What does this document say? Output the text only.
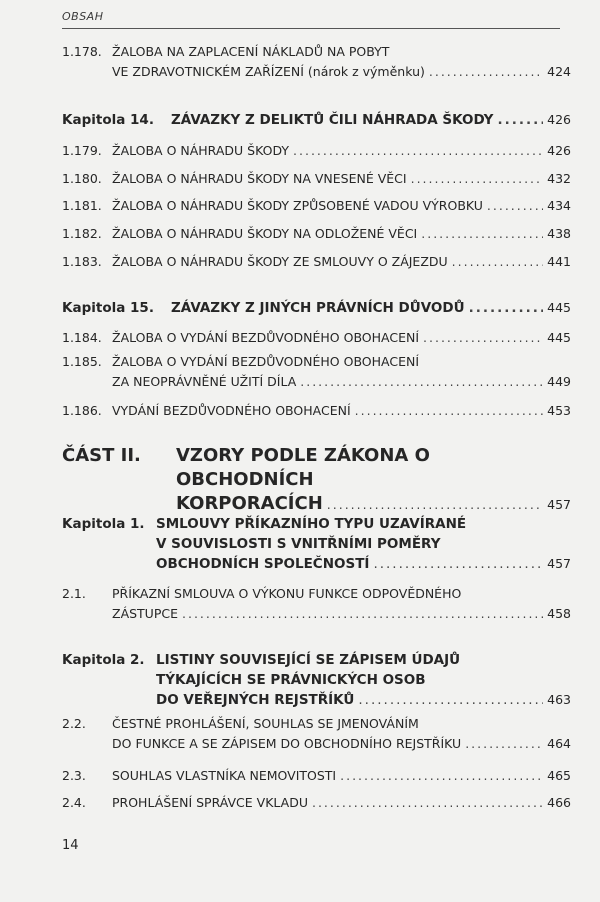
OBSAH
1.178. ŽALOBA NA ZAPLACENÍ NÁKLADŮ NA POBYT
VE ZDRAVOTNICKÉM ZAŘÍZENÍ (nárok z výměnku) .....	424
Kapitola 14. ZÁVAZKY Z DELIKTŮ ČILI NÁHRADA ŠKODY .....	426
1.179. ŽALOBA O NÁHRADU ŠKODY .....	426
1.180. ŽALOBA O NÁHRADU ŠKODY NA VNESENÉ VĚCI .....	432
1.181. ŽALOBA O NÁHRADU ŠKODY ZPŮSOBENÉ VADOU VÝROBKU .....	434
1.182. ŽALOBA O NÁHRADU ŠKODY NA ODLOŽENÉ VĚCI .....	438
1.183. ŽALOBA O NÁHRADU ŠKODY ZE SMLOUVY O ZÁJEZDU .....	441
Kapitola 15. ZÁVAZKY Z JINÝCH PRÁVNÍCH DŮVODŮ .....	445
1.184. ŽALOBA O VYDÁNÍ BEZDŮVODNÉHO OBOHACENÍ .....	445
1.185. ŽALOBA O VYDÁNÍ BEZDŮVODNÉHO OBOHACENÍ
ZA NEOPRÁVNĚNÉ UŽITÍ DÍLA .....	449
1.186. VYDÁNÍ BEZDŮVODNÉHO OBOHACENÍ .....	453
ČÁST II. VZORY PODLE ZÁKONA O OBCHODNÍCH
KORPORACÍCH .....	457
Kapitola 1. SMLOUVY PŘÍKAZNÍHO TYPU UZAVÍRANÉ
V SOUVISLOSTI S VNITŘNÍMI POMĚRY
OBCHODNÍCH SPOLEČNOSTÍ .....	457
2.1. PŘÍKAZNÍ SMLOUVA O VÝKONU FUNKCE ODPOVĚDNÉHO
ZÁSTUPCE .....	458
Kapitola 2. LISTINY SOUVISEJÍCÍ SE ZÁPISEM ÚDAJŮ
TÝKAJÍCÍCH SE PRÁVNICKÝCH OSOB
DO VEŘEJNÝCH REJSTŘÍKŮ .....	463
2.2. ČESTNÉ PROHLÁŠENÍ, SOUHLAS SE JMENOVÁNÍM
DO FUNKCE A SE ZÁPISEM DO OBCHODNÍHO REJSTŘÍKU .....	464
2.3. SOUHLAS VLASTNÍKA NEMOVITOSTI .....	465
2.4. PROHLÁŠENÍ SPRÁVCE VKLADU .....	466
14
